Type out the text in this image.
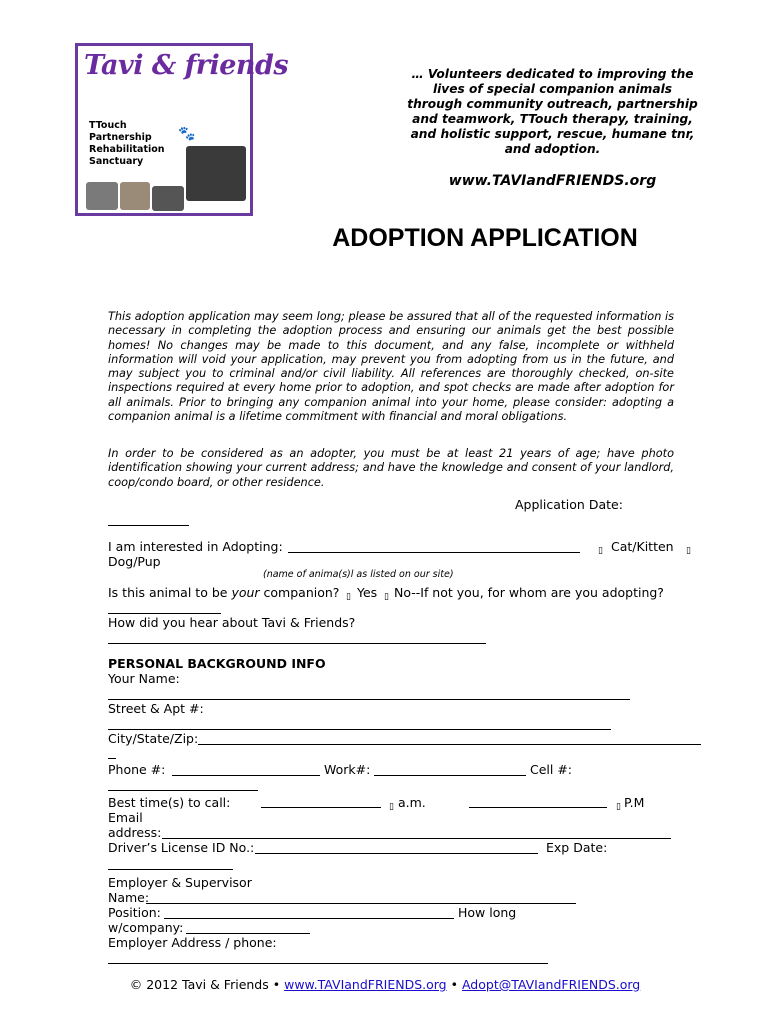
Tavi & friends
TTouch
Partnership
Rehabilitation
Sanctuary
🐾
… Volunteers dedicated to improving the lives of special companion animals through community outreach, partnership and teamwork, TTouch therapy, training, and holistic support, rescue, humane tnr, and adoption.
www.TAVIandFRIENDS.org
ADOPTION APPLICATION
This adoption application may seem long; please be assured that all of the requested information is necessary in completing the adoption process and ensuring our animals get the best possible homes! No changes may be made to this document, and any false, incomplete or withheld information will void your application, may prevent you from adopting from us in the future, and may subject you to criminal and/or civil liability. All references are thoroughly checked, on-site inspections required at every home prior to adoption, and spot checks are made after adoption for all animals. Prior to bringing any companion animal into your home, please consider: adopting a companion animal is a lifetime commitment with financial and moral obligations.
In order to be considered as an adopter, you must be at least 21 years of age; have photo identification showing your current address; and have the knowledge and consent of your landlord, coop/condo board, or other residence.
Application Date:
I am interested in Adopting:	▯ Cat/Kitten ▯
Dog/Pup
(name of anima(s)l as listed on our site)
Is this animal to be your companion? ▯ Yes ▯ No--If not you, for whom are you adopting?
How did you hear about Tavi & Friends?
PERSONAL BACKGROUND INFO
Your Name:
Street & Apt #:
City/State/Zip:
Phone #:	Work#:	Cell #:
Best time(s) to call:	▯ a.m.	▯ P.M
Email
address:
Driver’s License ID No.:	Exp Date:
Employer & Supervisor
Name:
Position:	How long
w/company:
Employer Address / phone:
© 2012 Tavi & Friends • www.TAVIandFRIENDS.org • Adopt@TAVIandFRIENDS.org
